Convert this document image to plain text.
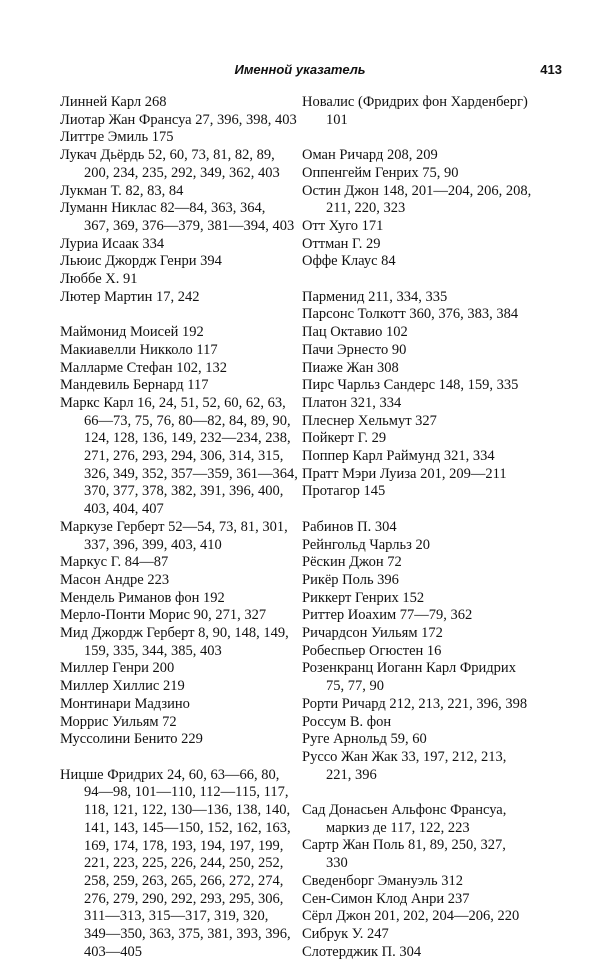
Именной указатель	413
Линней Карл 268
Лиотар Жан Франсуа 27, 396, 398, 403
Литтре Эмиль 175
Лукач Дьёрдь 52, 60, 73, 81, 82, 89,
200, 234, 235, 292, 349, 362, 403
Лукман Т. 82, 83, 84
Луманн Никлас 82—84, 363, 364,
367, 369, 376—379, 381—394, 403
Луриа Исаак 334
Льюис Джордж Генри 394
Люббе Х. 91
Лютер Мартин 17, 242
Маймонид Моисей 192
Макиавелли Никколо 117
Малларме Стефан 102, 132
Мандевиль Бернард 117
Маркс Карл 16, 24, 51, 52, 60, 62, 63,
66—73, 75, 76, 80—82, 84, 89, 90,
124, 128, 136, 149, 232—234, 238,
271, 276, 293, 294, 306, 314, 315,
326, 349, 352, 357—359, 361—364,
370, 377, 378, 382, 391, 396, 400,
403, 404, 407
Маркузе Герберт 52—54, 73, 81, 301,
337, 396, 399, 403, 410
Маркус Г. 84—87
Масон Андре 223
Мендель Риманов фон 192
Мерло-Понти Морис 90, 271, 327
Мид Джордж Герберт 8, 90, 148, 149,
159, 335, 344, 385, 403
Миллер Генри 200
Миллер Хиллис 219
Монтинари Мадзино
Моррис Уильям 72
Муссолини Бенито 229
Ницше Фридрих 24, 60, 63—66, 80,
94—98, 101—110, 112—115, 117,
118, 121, 122, 130—136, 138, 140,
141, 143, 145—150, 152, 162, 163,
169, 174, 178, 193, 194, 197, 199,
221, 223, 225, 226, 244, 250, 252,
258, 259, 263, 265, 266, 272, 274,
276, 279, 290, 292, 293, 295, 306,
311—313, 315—317, 319, 320,
349—350, 363, 375, 381, 393, 396,
403—405
Новалис (Фридрих фон Харденберг)
101
Оман Ричард 208, 209
Оппенгейм Генрих 75, 90
Остин Джон 148, 201—204, 206, 208,
211, 220, 323
Отт Хуго 171
Оттман Г. 29
Оффе Клаус 84
Парменид 211, 334, 335
Парсонс Толкотт 360, 376, 383, 384
Пац Октавио 102
Пачи Эрнесто 90
Пиаже Жан 308
Пирс Чарльз Сандерс 148, 159, 335
Платон 321, 334
Плеснер Хельмут 327
Пойкерт Г. 29
Поппер Карл Раймунд 321, 334
Пратт Мэри Луиза 201, 209—211
Протагор 145
Рабинов П. 304
Рейнгольд Чарльз 20
Рёскин Джон 72
Рикёр Поль 396
Риккерт Генрих 152
Риттер Иоахим 77—79, 362
Ричардсон Уильям 172
Робеспьер Огюстен 16
Розенкранц Иоганн Карл Фридрих
75, 77, 90
Рорти Ричард 212, 213, 221, 396, 398
Россум В. фон
Руге Арнольд 59, 60
Руссо Жан Жак 33, 197, 212, 213,
221, 396
Сад Донасьен Альфонс Франсуа,
маркиз де 117, 122, 223
Сартр Жан Поль 81, 89, 250, 327,
330
Сведенборг Эмануэль 312
Сен-Симон Клод Анри 237
Сёрл Джон 201, 202, 204—206, 220
Сибрук У. 247
Слотерджик П. 304
